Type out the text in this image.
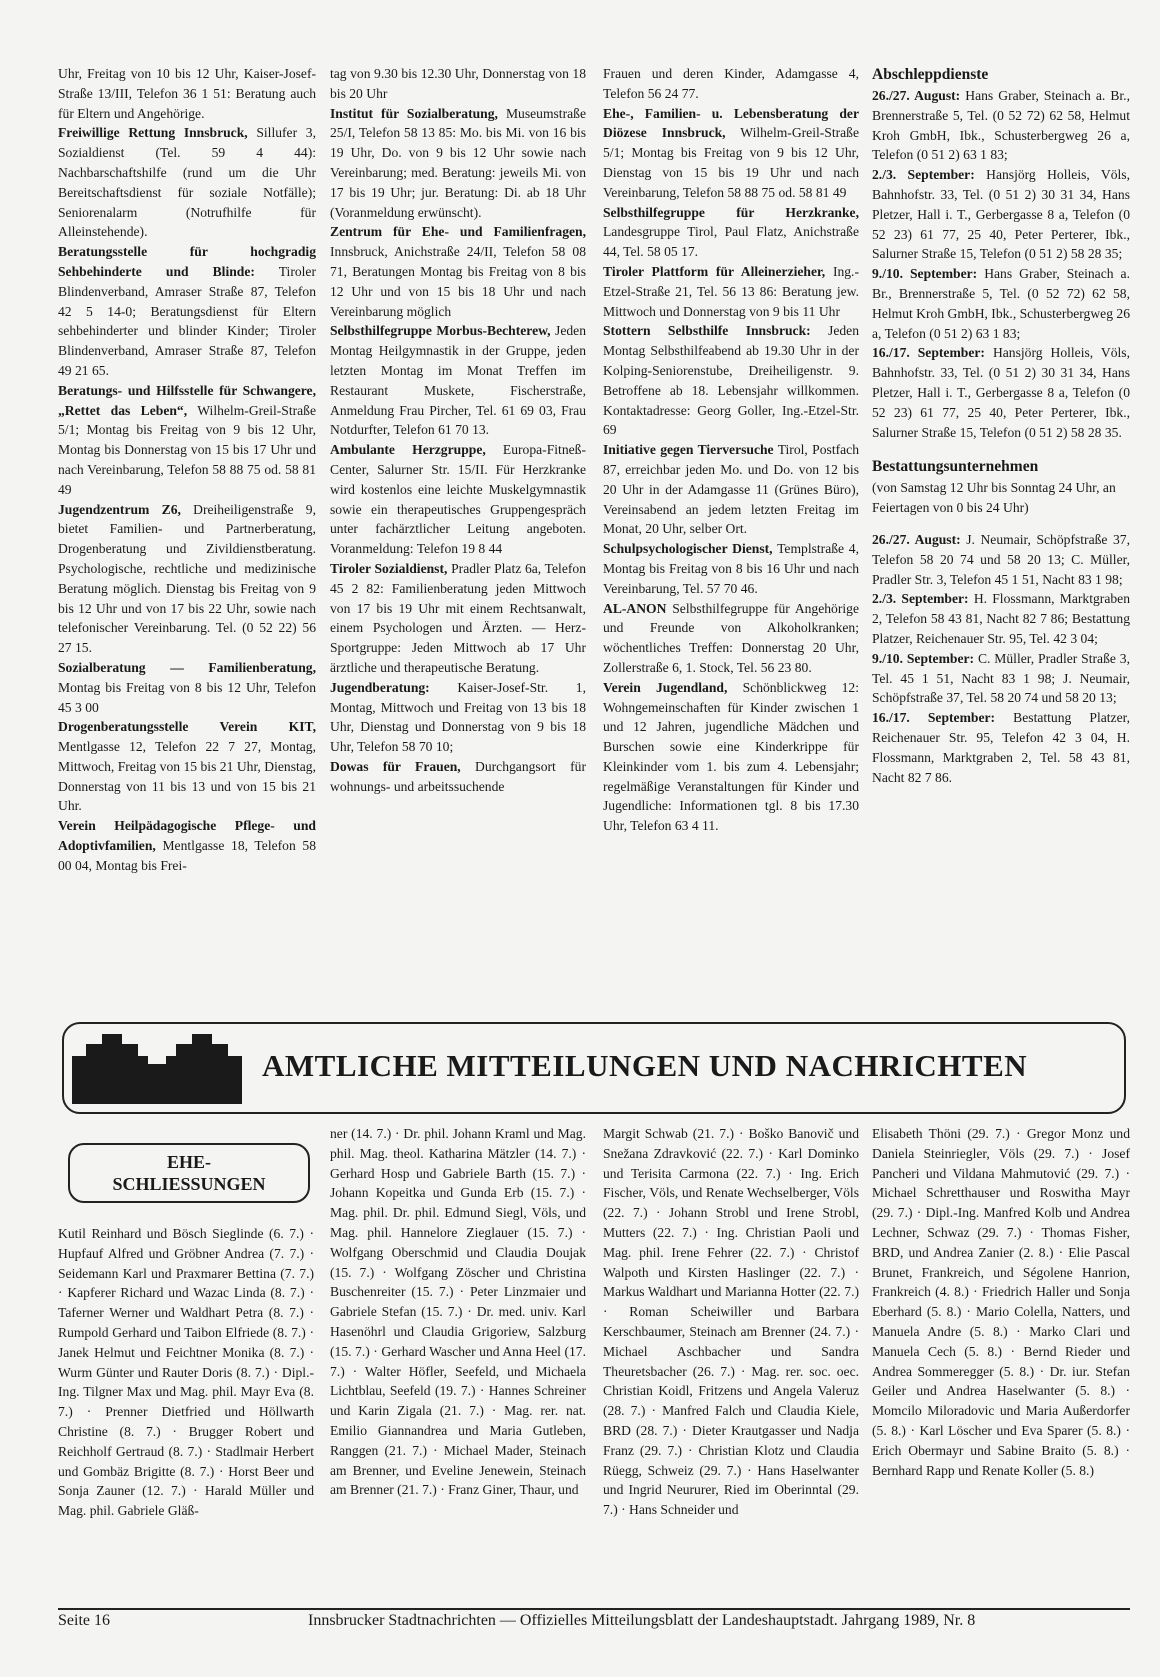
Uhr, Freitag von 10 bis 12 Uhr, Kaiser-Josef-Straße 13/III, Telefon 36 1 51: Beratung auch für Eltern und Angehörige.

Freiwillige Rettung Innsbruck, Sillufer 3, Sozialdienst (Tel. 59 4 44): Nachbarschaftshilfe (rund um die Uhr Bereitschaftsdienst für soziale Notfälle); Seniorenalarm (Notrufhilfe für Alleinstehende).

Beratungsstelle für hochgradig Sehbehinderte und Blinde: Tiroler Blindenverband, Amraser Straße 87, Telefon 42 5 14-0; Beratungsdienst für Eltern sehbehinderter und blinder Kinder; Tiroler Blindenverband, Amraser Straße 87, Telefon 49 21 65.

Beratungs- und Hilfsstelle für Schwangere, „Rettet das Leben“, Wilhelm-Greil-Straße 5/1; Montag bis Freitag von 9 bis 12 Uhr, Montag bis Donnerstag von 15 bis 17 Uhr und nach Vereinbarung, Telefon 58 88 75 od. 58 81 49

Jugendzentrum Z6, Dreiheiligenstraße 9, bietet Familien- und Partnerberatung, Drogenberatung und Zivildienstberatung. Psychologische, rechtliche und medizinische Beratung möglich. Dienstag bis Freitag von 9 bis 12 Uhr und von 17 bis 22 Uhr, sowie nach telefonischer Vereinbarung. Tel. (0 52 22) 56 27 15.

Sozialberatung — Familienberatung, Montag bis Freitag von 8 bis 12 Uhr, Telefon 45 3 00

Drogenberatungsstelle Verein KIT, Mentlgasse 12, Telefon 22 7 27, Montag, Mittwoch, Freitag von 15 bis 21 Uhr, Dienstag, Donnerstag von 11 bis 13 und von 15 bis 21 Uhr.

Verein Heilpädagogische Pflege- und Adoptivfamilien, Mentlgasse 18, Telefon 58 00 04, Montag bis Frei-

tag von 9.30 bis 12.30 Uhr, Donnerstag von 18 bis 20 Uhr

Institut für Sozialberatung, Museumstraße 25/I, Telefon 58 13 85: Mo. bis Mi. von 16 bis 19 Uhr, Do. von 9 bis 12 Uhr sowie nach Vereinbarung; med. Beratung: jeweils Mi. von 17 bis 19 Uhr; jur. Beratung: Di. ab 18 Uhr (Voranmeldung erwünscht).

Zentrum für Ehe- und Familienfragen, Innsbruck, Anichstraße 24/II, Telefon 58 08 71, Beratungen Montag bis Freitag von 8 bis 12 Uhr und von 15 bis 18 Uhr und nach Vereinbarung möglich

Selbsthilfegruppe Morbus-Bechterew, Jeden Montag Heilgymnastik in der Gruppe, jeden letzten Montag im Monat Treffen im Restaurant Muskete, Fischerstraße, Anmeldung Frau Pircher, Tel. 61 69 03, Frau Notdurfter, Telefon 61 70 13.

Ambulante Herzgruppe, Europa-Fitneß-Center, Salurner Str. 15/II. Für Herzkranke wird kostenlos eine leichte Muskelgymnastik sowie ein therapeutisches Gruppengespräch unter fachärztlicher Leitung angeboten. Voranmeldung: Telefon 19 8 44

Tiroler Sozialdienst, Pradler Platz 6a, Telefon 45 2 82: Familienberatung jeden Mittwoch von 17 bis 19 Uhr mit einem Rechtsanwalt, einem Psychologen und Ärzten. — Herz-Sportgruppe: Jeden Mittwoch ab 17 Uhr ärztliche und therapeutische Beratung.

Jugendberatung: Kaiser-Josef-Str. 1, Montag, Mittwoch und Freitag von 13 bis 18 Uhr, Dienstag und Donnerstag von 9 bis 18 Uhr, Telefon 58 70 10;

Dowas für Frauen, Durchgangsort für wohnungs- und arbeitssuchende

Frauen und deren Kinder, Adamgasse 4, Telefon 56 24 77.

Ehe-, Familien- u. Lebensberatung der Diözese Innsbruck, Wilhelm-Greil-Straße 5/1; Montag bis Freitag von 9 bis 12 Uhr, Dienstag von 15 bis 19 Uhr und nach Vereinbarung, Telefon 58 88 75 od. 58 81 49

Selbsthilfegruppe für Herzkranke, Landesgruppe Tirol, Paul Flatz, Anichstraße 44, Tel. 58 05 17.

Tiroler Plattform für Alleinerzieher, Ing.-Etzel-Straße 21, Tel. 56 13 86: Beratung jew. Mittwoch und Donnerstag von 9 bis 11 Uhr

Stottern Selbsthilfe Innsbruck: Jeden Montag Selbsthilfeabend ab 19.30 Uhr in der Kolping-Seniorenstube, Dreiheiligenstr. 9. Betroffene ab 18. Lebensjahr willkommen. Kontaktadresse: Georg Goller, Ing.-Etzel-Str. 69

Initiative gegen Tierversuche Tirol, Postfach 87, erreichbar jeden Mo. und Do. von 12 bis 20 Uhr in der Adamgasse 11 (Grünes Büro), Vereinsabend an jedem letzten Freitag im Monat, 20 Uhr, selber Ort.

Schulpsychologischer Dienst, Templstraße 4, Montag bis Freitag von 8 bis 16 Uhr und nach Vereinbarung, Tel. 57 70 46.

AL-ANON Selbsthilfegruppe für Angehörige und Freunde von Alkoholkranken; wöchentliches Treffen: Donnerstag 20 Uhr, Zollerstraße 6, 1. Stock, Tel. 56 23 80.

Verein Jugendland, Schönblickweg 12: Wohngemeinschaften für Kinder zwischen 1 und 12 Jahren, jugendliche Mädchen und Burschen sowie eine Kinderkrippe für Kleinkinder vom 1. bis zum 4. Lebensjahr; regelmäßige Veranstaltungen für Kinder und Jugendliche: Informationen tgl. 8 bis 17.30 Uhr, Telefon 63 4 11.

Abschleppdienste

26./27. August: Hans Graber, Steinach a. Br., Brennerstraße 5, Tel. (0 52 72) 62 58, Helmut Kroh GmbH, Ibk., Schusterbergweg 26 a, Telefon (0 51 2) 63 1 83;

2./3. September: Hansjörg Holleis, Völs, Bahnhofstr. 33, Tel. (0 51 2) 30 31 34, Hans Pletzer, Hall i. T., Gerbergasse 8 a, Telefon (0 52 23) 61 77, 25 40, Peter Perterer, Ibk., Salurner Straße 15, Telefon (0 51 2) 58 28 35;

9./10. September: Hans Graber, Steinach a. Br., Brennerstraße 5, Tel. (0 52 72) 62 58, Helmut Kroh GmbH, Ibk., Schusterbergweg 26 a, Telefon (0 51 2) 63 1 83;

16./17. September: Hansjörg Holleis, Völs, Bahnhofstr. 33, Tel. (0 51 2) 30 31 34, Hans Pletzer, Hall i. T., Gerbergasse 8 a, Telefon (0 52 23) 61 77, 25 40, Peter Perterer, Ibk., Salurner Straße 15, Telefon (0 51 2) 58 28 35.

Bestattungsunternehmen

(von Samstag 12 Uhr bis Sonntag 24 Uhr, an Feiertagen von 0 bis 24 Uhr)

26./27. August: J. Neumair, Schöpfstraße 37, Telefon 58 20 74 und 58 20 13; C. Müller, Pradler Str. 3, Telefon 45 1 51, Nacht 83 1 98;

2./3. September: H. Flossmann, Marktgraben 2, Telefon 58 43 81, Nacht 82 7 86; Bestattung Platzer, Reichenauer Str. 95, Tel. 42 3 04;

9./10. September: C. Müller, Pradler Straße 3, Tel. 45 1 51, Nacht 83 1 98; J. Neumair, Schöpfstraße 37, Tel. 58 20 74 und 58 20 13;

16./17. September: Bestattung Platzer, Reichenauer Str. 95, Telefon 42 3 04, H. Flossmann, Marktgraben 2, Tel. 58 43 81, Nacht 82 7 86.

AMTLICHE MITTEILUNGEN UND NACHRICHTEN
EHE-
SCHLIESSUNGEN
Kutil Reinhard und Bösch Sieglinde (6. 7.) · Hupfauf Alfred und Gröbner Andrea (7. 7.) · Seidemann Karl und Praxmarer Bettina (7. 7.) · Kapferer Richard und Wazac Linda (8. 7.) · Taferner Werner und Waldhart Petra (8. 7.) · Rumpold Gerhard und Taibon Elfriede (8. 7.) · Janek Helmut und Feichtner Monika (8. 7.) · Wurm Günter und Rauter Doris (8. 7.) · Dipl.-Ing. Tilgner Max und Mag. phil. Mayr Eva (8. 7.) · Prenner Dietfried und Höllwarth Christine (8. 7.) · Brugger Robert und Reichholf Gertraud (8. 7.) · Stadlmair Herbert und Gombäz Brigitte (8. 7.) · Horst Beer und Sonja Zauner (12. 7.) · Harald Müller und Mag. phil. Gabriele Gläß-
ner (14. 7.) · Dr. phil. Johann Kraml und Mag. phil. Mag. theol. Katharina Mätzler (14. 7.) · Gerhard Hosp und Gabriele Barth (15. 7.) · Johann Kopeitka und Gunda Erb (15. 7.) · Mag. phil. Dr. phil. Edmund Siegl, Völs, und Mag. phil. Hannelore Zieglauer (15. 7.) · Wolfgang Oberschmid und Claudia Doujak (15. 7.) · Wolfgang Zöscher und Christina Buschenreiter (15. 7.) · Peter Linzmaier und Gabriele Stefan (15. 7.) · Dr. med. univ. Karl Hasenöhrl und Claudia Grigoriew, Salzburg (15. 7.) · Gerhard Wascher und Anna Heel (17. 7.) · Walter Höfler, Seefeld, und Michaela Lichtblau, Seefeld (19. 7.) · Hannes Schreiner und Karin Zigala (21. 7.) · Mag. rer. nat. Emilio Giannandrea und Maria Gutleben, Ranggen (21. 7.) · Michael Mader, Steinach am Brenner, und Eveline Jenewein, Steinach am Brenner (21. 7.) · Franz Giner, Thaur, und
Margit Schwab (21. 7.) · Boško Banovič und Snežana Zdravković (22. 7.) · Karl Dominko und Terisita Carmona (22. 7.) · Ing. Erich Fischer, Völs, und Renate Wechselberger, Völs (22. 7.) · Johann Strobl und Irene Strobl, Mutters (22. 7.) · Ing. Christian Paoli und Mag. phil. Irene Fehrer (22. 7.) · Christof Walpoth und Kirsten Haslinger (22. 7.) · Markus Waldhart und Marianna Hotter (22. 7.) · Roman Scheiwiller und Barbara Kerschbaumer, Steinach am Brenner (24. 7.) · Michael Aschbacher und Sandra Theuretsbacher (26. 7.) · Mag. rer. soc. oec. Christian Koidl, Fritzens und Angela Valeruz (28. 7.) · Manfred Falch und Claudia Kiele, BRD (28. 7.) · Dieter Krautgasser und Nadja Franz (29. 7.) · Christian Klotz und Claudia Rüegg, Schweiz (29. 7.) · Hans Haselwanter und Ingrid Neururer, Ried im Oberinntal (29. 7.) · Hans Schneider und
Elisabeth Thöni (29. 7.) · Gregor Monz und Daniela Steinriegler, Völs (29. 7.) · Josef Pancheri und Vildana Mahmutović (29. 7.) · Michael Schretthauser und Roswitha Mayr (29. 7.) · Dipl.-Ing. Manfred Kolb und Andrea Lechner, Schwaz (29. 7.) · Thomas Fisher, BRD, und Andrea Zanier (2. 8.) · Elie Pascal Brunet, Frankreich, und Ségolene Hanrion, Frankreich (4. 8.) · Friedrich Haller und Sonja Eberhard (5. 8.) · Mario Colella, Natters, und Manuela Andre (5. 8.) · Marko Clari und Manuela Cech (5. 8.) · Bernd Rieder und Andrea Sommeregger (5. 8.) · Dr. iur. Stefan Geiler und Andrea Haselwanter (5. 8.) · Momcilo Miloradovic und Maria Außerdorfer (5. 8.) · Karl Löscher und Eva Sparer (5. 8.) · Erich Obermayr und Sabine Braito (5. 8.) · Bernhard Rapp und Renate Koller (5. 8.)
Seite 16	Innsbrucker Stadtnachrichten — Offizielles Mitteilungsblatt der Landeshauptstadt. Jahrgang 1989, Nr. 8
